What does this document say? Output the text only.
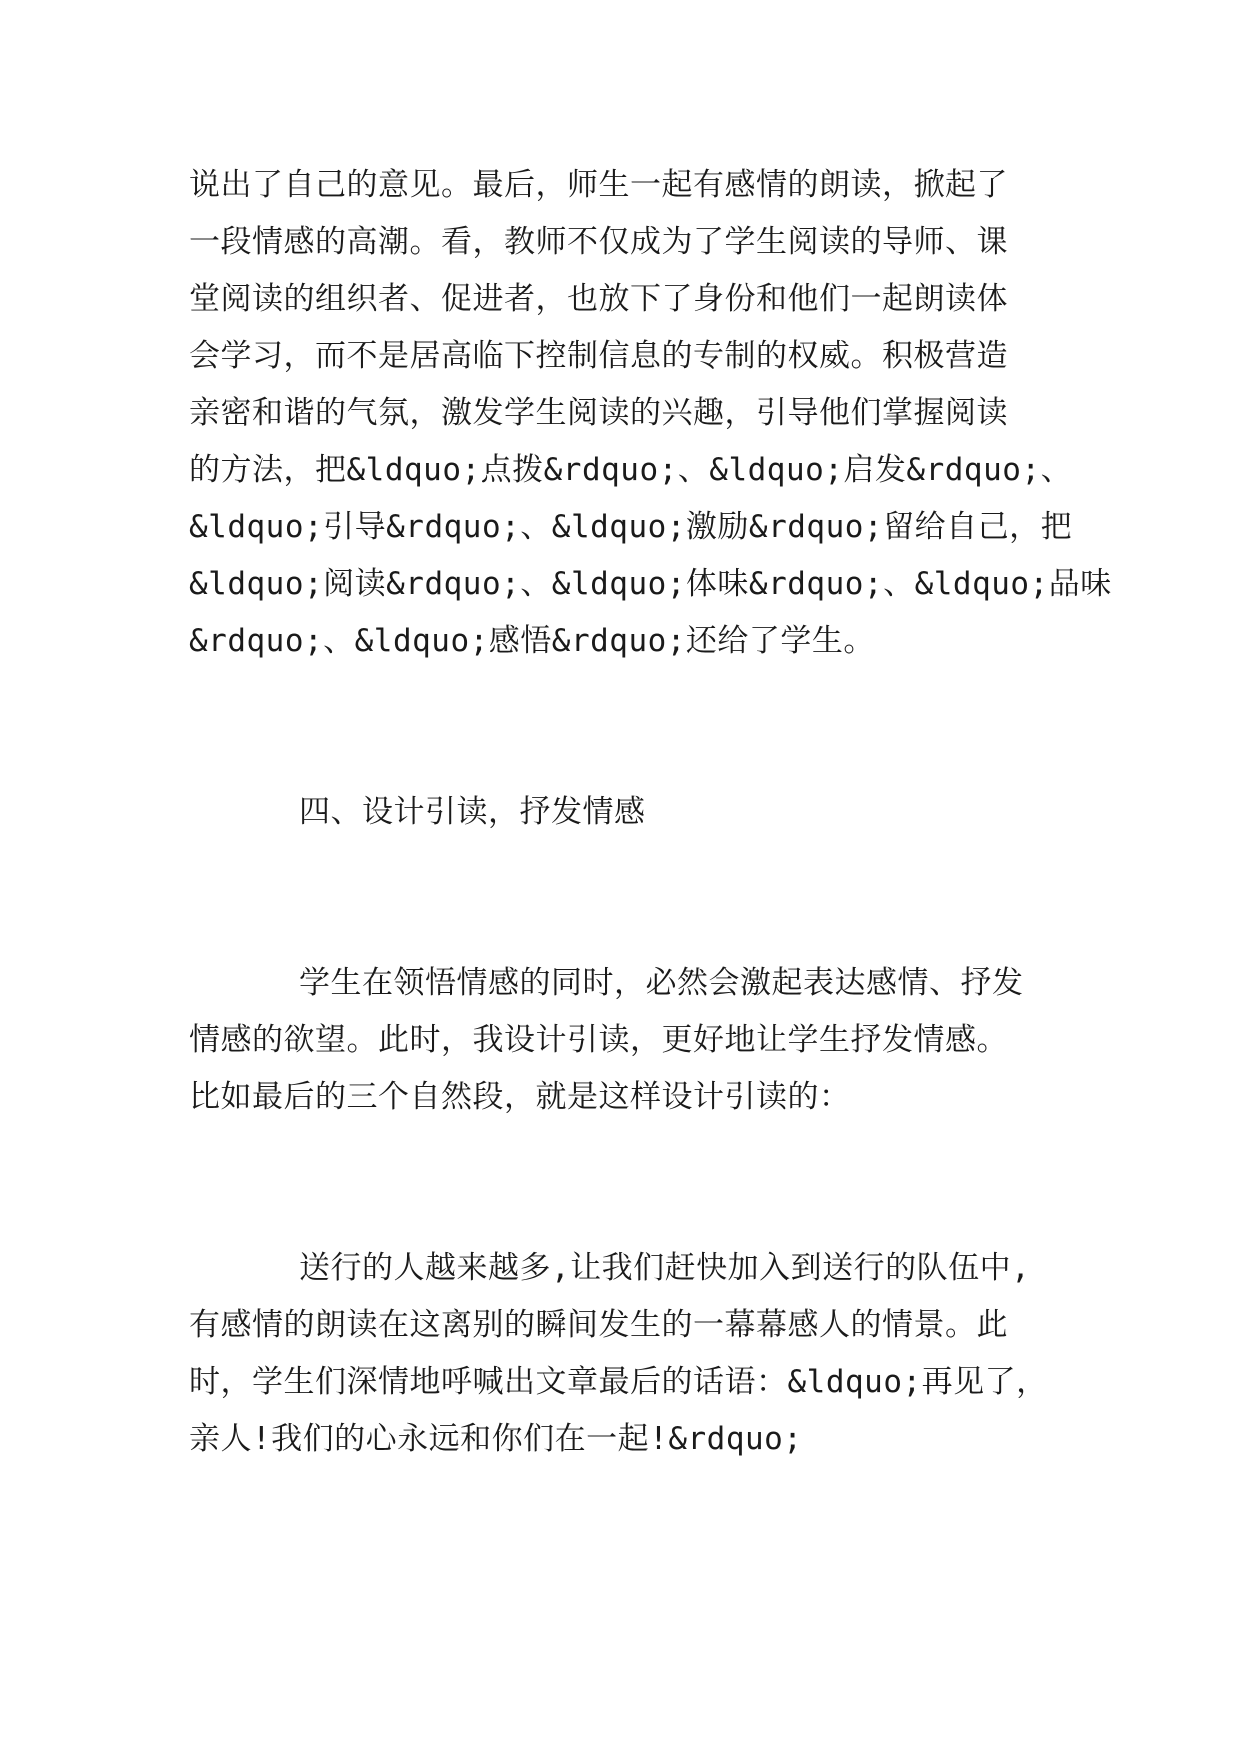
说出了自己的意见。最后，师生一起有感情的朗读，掀起了
一段情感的高潮。看，教师不仅成为了学生阅读的导师、课
堂阅读的组织者、促进者，也放下了身份和他们一起朗读体
会学习，而不是居高临下控制信息的专制的权威。积极营造
亲密和谐的气氛，激发学生阅读的兴趣，引导他们掌握阅读
的方法，把&ldquo;点拨&rdquo;、&ldquo;启发&rdquo;、
&ldquo;引导&rdquo;、&ldquo;激励&rdquo;留给自己，把
&ldquo;阅读&rdquo;、&ldquo;体味&rdquo;、&ldquo;品味
&rdquo;、&ldquo;感悟&rdquo;还给了学生。
四、设计引读，抒发情感
学生在领悟情感的同时，必然会激起表达感情、抒发
情感的欲望。此时，我设计引读，更好地让学生抒发情感。
比如最后的三个自然段，就是这样设计引读的：
送行的人越来越多,让我们赶快加入到送行的队伍中,
有感情的朗读在这离别的瞬间发生的一幕幕感人的情景。此
时，学生们深情地呼喊出文章最后的话语：&ldquo;再见了，
亲人!我们的心永远和你们在一起!&rdquo;
